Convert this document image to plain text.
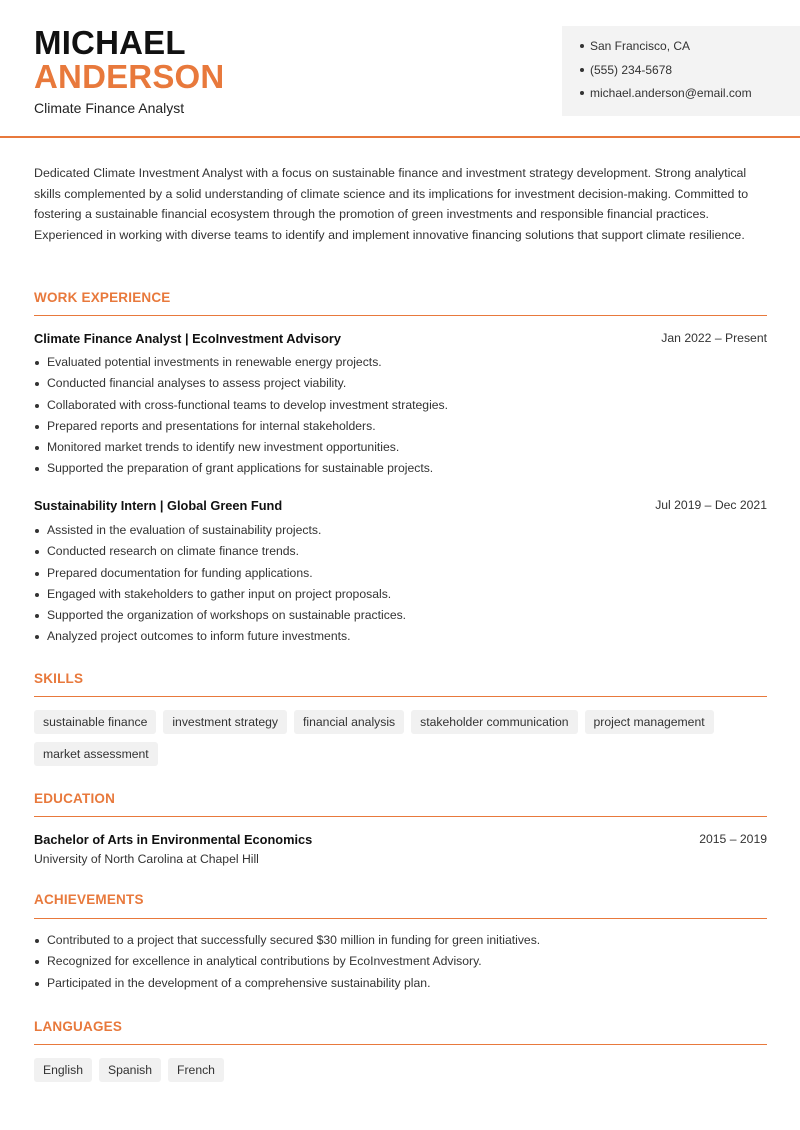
MICHAEL
ANDERSON
Climate Finance Analyst
San Francisco, CA
(555) 234-5678
michael.anderson@email.com

Dedicated Climate Investment Analyst with a focus on sustainable finance and investment strategy development. Strong analytical skills complemented by a solid understanding of climate science and its implications for investment decision-making. Committed to fostering a sustainable financial ecosystem through the promotion of green investments and responsible financial practices. Experienced in working with diverse teams to identify and implement innovative financing solutions that support climate resilience.

WORK EXPERIENCE
Climate Finance Analyst | EcoInvestment Advisory	Jan 2022 – Present
Evaluated potential investments in renewable energy projects.
Conducted financial analyses to assess project viability.
Collaborated with cross-functional teams to develop investment strategies.
Prepared reports and presentations for internal stakeholders.
Monitored market trends to identify new investment opportunities.
Supported the preparation of grant applications for sustainable projects.
Sustainability Intern | Global Green Fund	Jul 2019 – Dec 2021
Assisted in the evaluation of sustainability projects.
Conducted research on climate finance trends.
Prepared documentation for funding applications.
Engaged with stakeholders to gather input on project proposals.
Supported the organization of workshops on sustainable practices.
Analyzed project outcomes to inform future investments.
SKILLS
sustainable finance	investment strategy	financial analysis	stakeholder communication	project management
market assessment
EDUCATION
Bachelor of Arts in Environmental Economics	2015 – 2019
University of North Carolina at Chapel Hill
ACHIEVEMENTS
Contributed to a project that successfully secured $30 million in funding for green initiatives.
Recognized for excellence in analytical contributions by EcoInvestment Advisory.
Participated in the development of a comprehensive sustainability plan.
LANGUAGES
English	Spanish	French
